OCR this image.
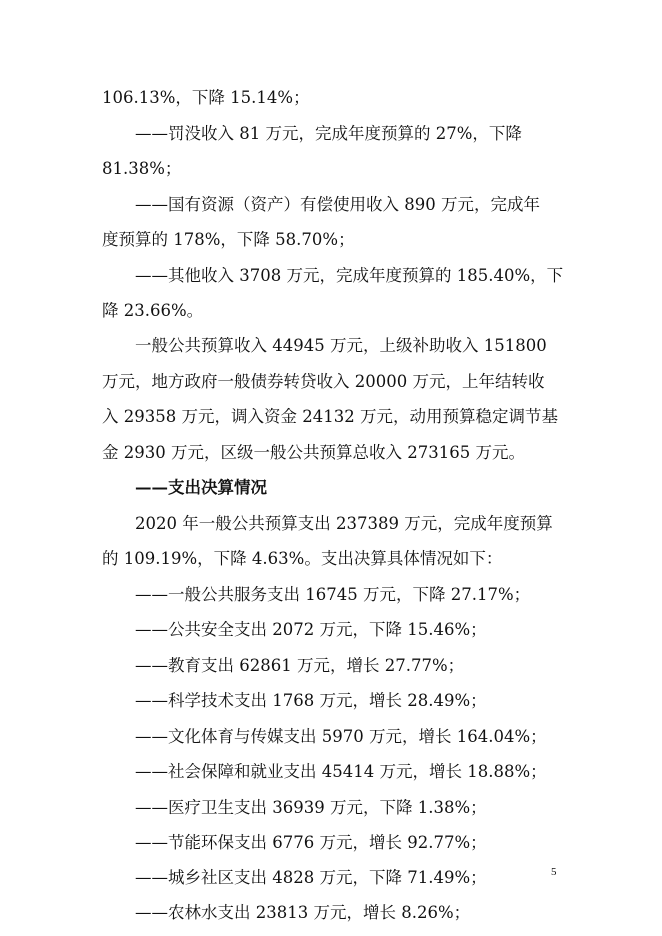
106.13%，下降 15.14%；
——罚没收入 81 万元，完成年度预算的 27%，下降
81.38%；
——国有资源（资产）有偿使用收入 890 万元，完成年
度预算的 178%，下降 58.70%；
——其他收入 3708 万元，完成年度预算的 185.40%，下
降 23.66%。
一般公共预算收入 44945 万元，上级补助收入 151800
万元，地方政府一般债券转贷收入 20000 万元，上年结转收
入 29358 万元，调入资金 24132 万元，动用预算稳定调节基
金 2930 万元，区级一般公共预算总收入 273165 万元。
——支出决算情况
2020 年一般公共预算支出 237389 万元，完成年度预算
的 109.19%，下降 4.63%。支出决算具体情况如下：
——一般公共服务支出 16745 万元，下降 27.17%；
——公共安全支出 2072 万元，下降 15.46%；
——教育支出 62861 万元，增长 27.77%；
——科学技术支出 1768 万元，增长 28.49%；
——文化体育与传媒支出 5970 万元，增长 164.04%；
——社会保障和就业支出 45414 万元，增长 18.88%；
——医疗卫生支出 36939 万元，下降 1.38%；
——节能环保支出 6776 万元，增长 92.77%；
——城乡社区支出 4828 万元，下降 71.49%；
——农林水支出 23813 万元，增长 8.26%；
5
